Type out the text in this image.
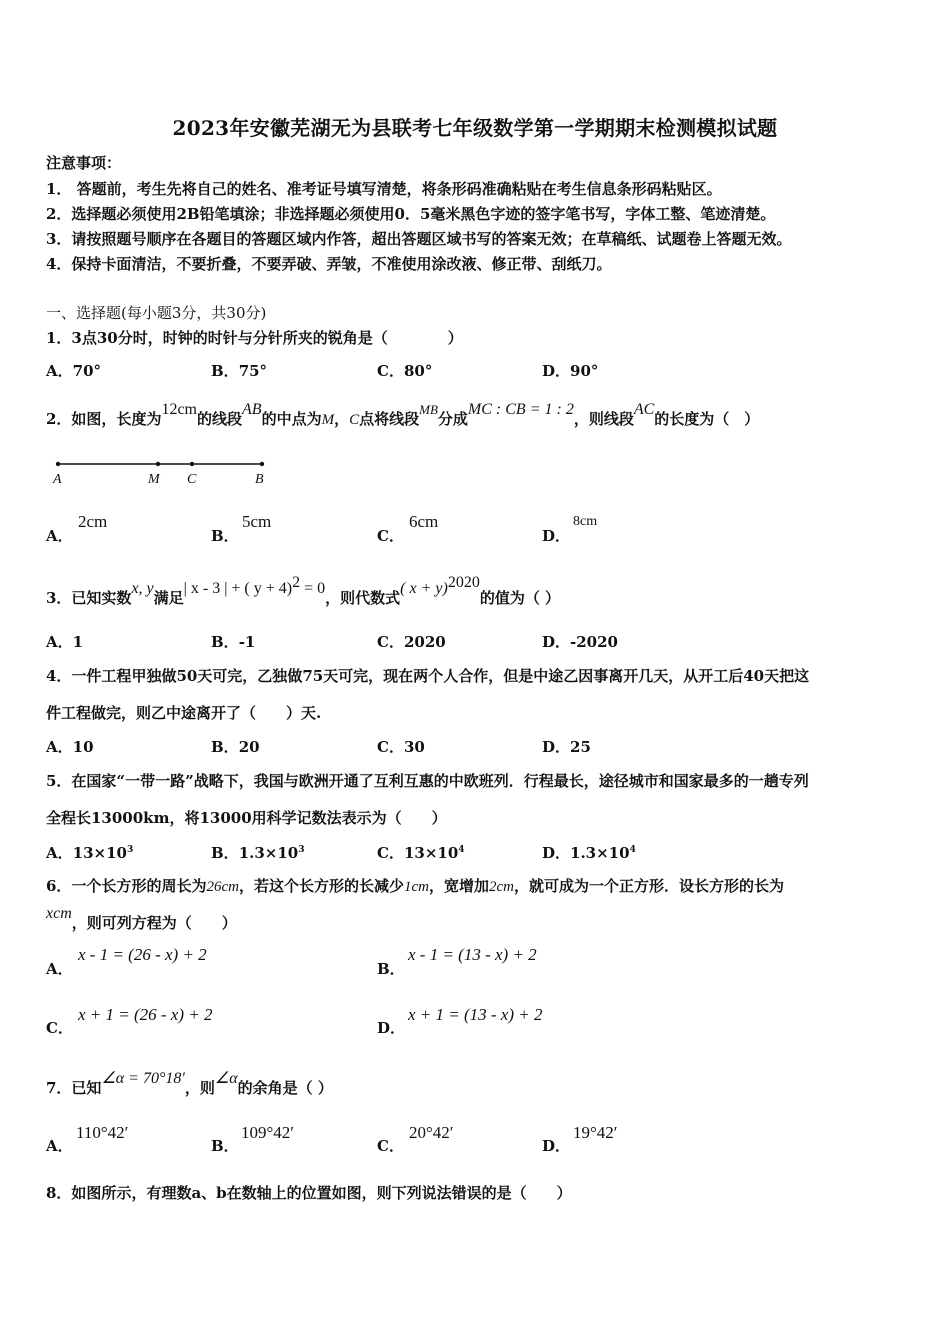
2023年安徽芜湖无为县联考七年级数学第一学期期末检测模拟试题
注意事项：
1． 答题前，考生先将自己的姓名、准考证号填写清楚，将条形码准确粘贴在考生信息条形码粘贴区。
2．选择题必须使用2B铅笔填涂；非选择题必须使用0．5毫米黑色字迹的签字笔书写，字体工整、笔迹清楚。
3．请按照题号顺序在各题目的答题区域内作答，超出答题区域书写的答案无效；在草稿纸、试题卷上答题无效。
4．保持卡面清洁，不要折叠，不要弄破、弄皱，不准使用涂改液、修正带、刮纸刀。
一、选择题(每小题3分，共30分)
1．3点30分时，时钟的时针与分针所夹的锐角是（　　　　）
A．70°	B．75°	C．80°	D．90°
2．如图，长度为12cm的线段AB的中点为M，C点将线段MB分成MC : CB = 1 : 2，则线段AC的长度为（　）
A	M C	B
A．
2cm
B．
5cm
C．
6cm
D．
8cm
3．已知实数x, y满足| x - 3 | + ( y + 4)$^2$ = 0，则代数式( x + y)$^{2020}$的值为（ ）
A．1	B．-1	C．2020	D．-2020
4．一件工程甲独做50天可完，乙独做75天可完，现在两个人合作，但是中途乙因事离开几天，从开工后40天把这
件工程做完，则乙中途离开了（　　）天.
A．10	B．20	C．30	D．25
5．在国家“一带一路”战略下，我国与欧洲开通了互利互惠的中欧班列．行程最长，途径城市和国家最多的一趟专列
全程长13000km，将13000用科学记数法表示为（　　）
A．$13\times 10^3$	B．$1.3\times 10^3$	C．$13\times 10^4$	D．$1.3\times 10^4$
6．一个长方形的周长为26cm，若这个长方形的长减少1cm，宽增加2cm，就可成为一个正方形．设长方形的长为
xcm，则可列方程为（　　）
A．
x - 1 = (26 - x) + 2
B．
x - 1 = (13 - x) + 2
C．
x + 1 = (26 - x) + 2
D．
x + 1 = (13 - x) + 2
7．已知∠α = 70°18′，则∠α的余角是（ ）
A．
110°42′
B．
109°42′
C．
20°42′
D．
19°42′
8．如图所示，有理数a、b在数轴上的位置如图，则下列说法错误的是（　　）
